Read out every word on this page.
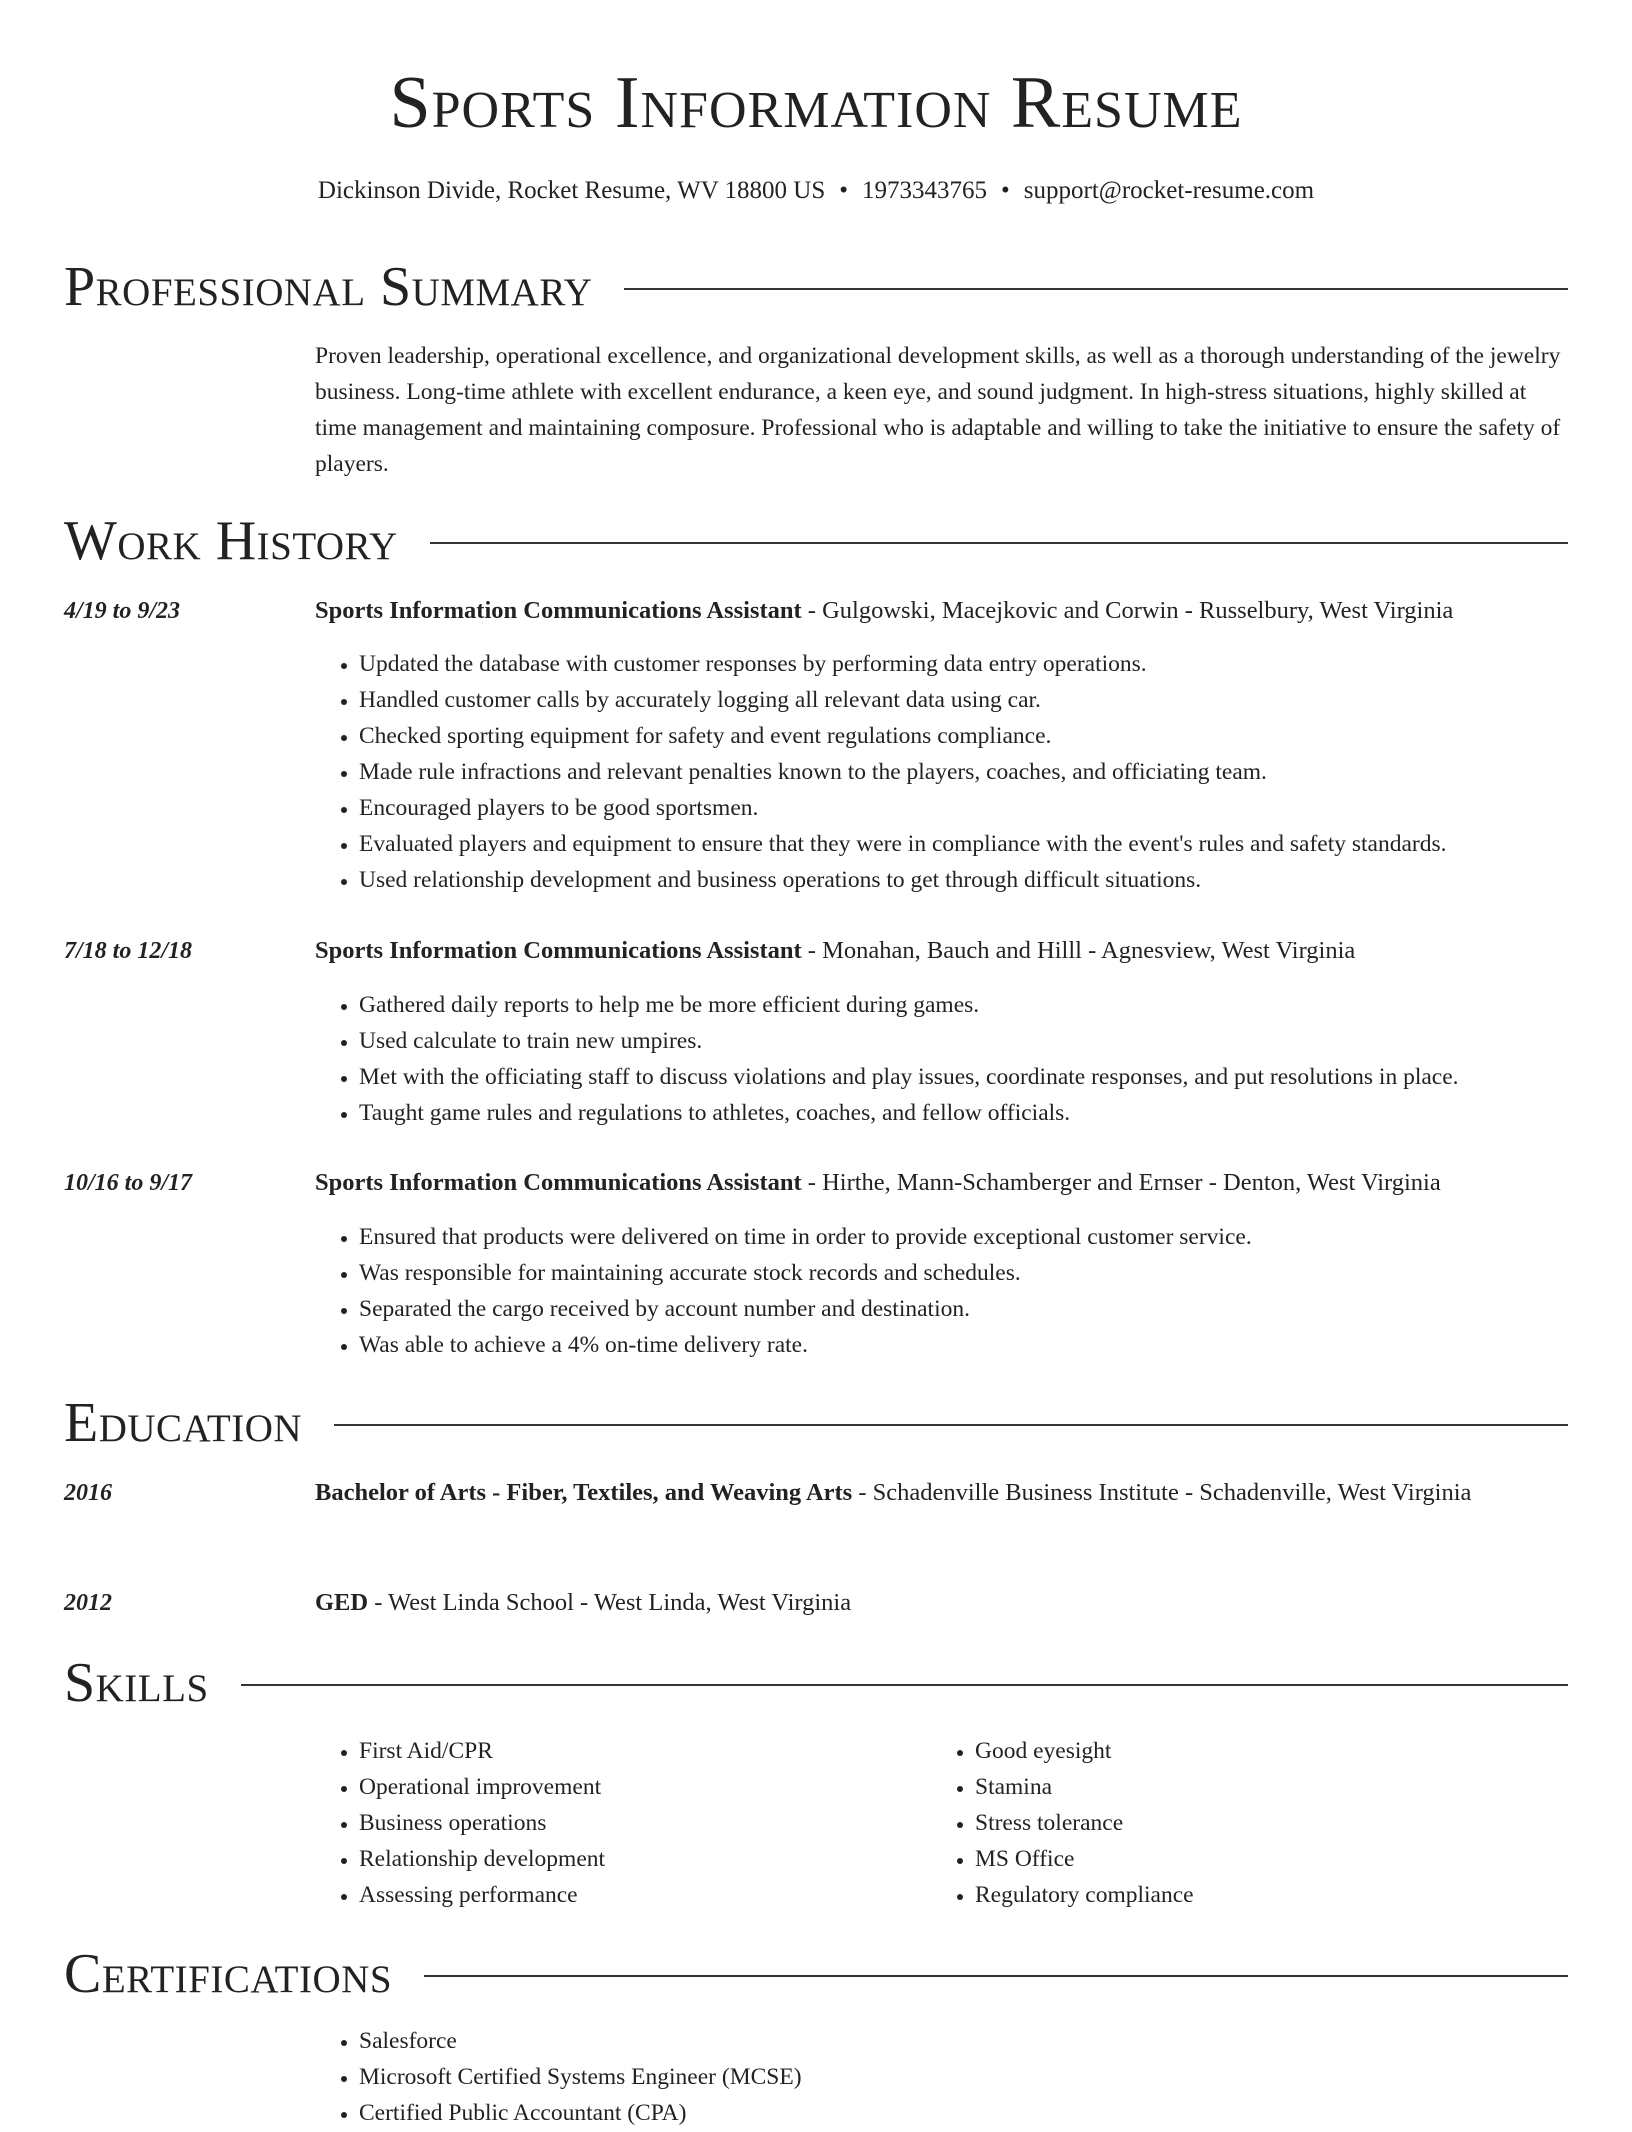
Sports Information Resume
Dickinson Divide, Rocket Resume, WV 18800 US • 1973343765 • support@rocket-resume.com
Professional Summary
Proven leadership, operational excellence, and organizational development skills, as well as a thorough understanding of the jewelry business. Long-time athlete with excellent endurance, a keen eye, and sound judgment. In high-stress situations, highly skilled at time management and maintaining composure. Professional who is adaptable and willing to take the initiative to ensure the safety of players.
Work History
4/19 to 9/23	Sports Information Communications Assistant - Gulgowski, Macejkovic and Corwin - Russelbury, West Virginia
• Updated the database with customer responses by performing data entry operations.
• Handled customer calls by accurately logging all relevant data using car.
• Checked sporting equipment for safety and event regulations compliance.
• Made rule infractions and relevant penalties known to the players, coaches, and officiating team.
• Encouraged players to be good sportsmen.
• Evaluated players and equipment to ensure that they were in compliance with the event's rules and safety standards.
• Used relationship development and business operations to get through difficult situations.
7/18 to 12/18	Sports Information Communications Assistant - Monahan, Bauch and Hilll - Agnesview, West Virginia
• Gathered daily reports to help me be more efficient during games.
• Used calculate to train new umpires.
• Met with the officiating staff to discuss violations and play issues, coordinate responses, and put resolutions in place.
• Taught game rules and regulations to athletes, coaches, and fellow officials.
10/16 to 9/17	Sports Information Communications Assistant - Hirthe, Mann-Schamberger and Ernser - Denton, West Virginia
• Ensured that products were delivered on time in order to provide exceptional customer service.
• Was responsible for maintaining accurate stock records and schedules.
• Separated the cargo received by account number and destination.
• Was able to achieve a 4% on-time delivery rate.
Education
2016	Bachelor of Arts - Fiber, Textiles, and Weaving Arts - Schadenville Business Institute - Schadenville, West Virginia
2012	GED - West Linda School - West Linda, West Virginia
Skills
• First Aid/CPR
• Operational improvement
• Business operations
• Relationship development
• Assessing performance
• Good eyesight
• Stamina
• Stress tolerance
• MS Office
• Regulatory compliance
Certifications
• Salesforce
• Microsoft Certified Systems Engineer (MCSE)
• Certified Public Accountant (CPA)
